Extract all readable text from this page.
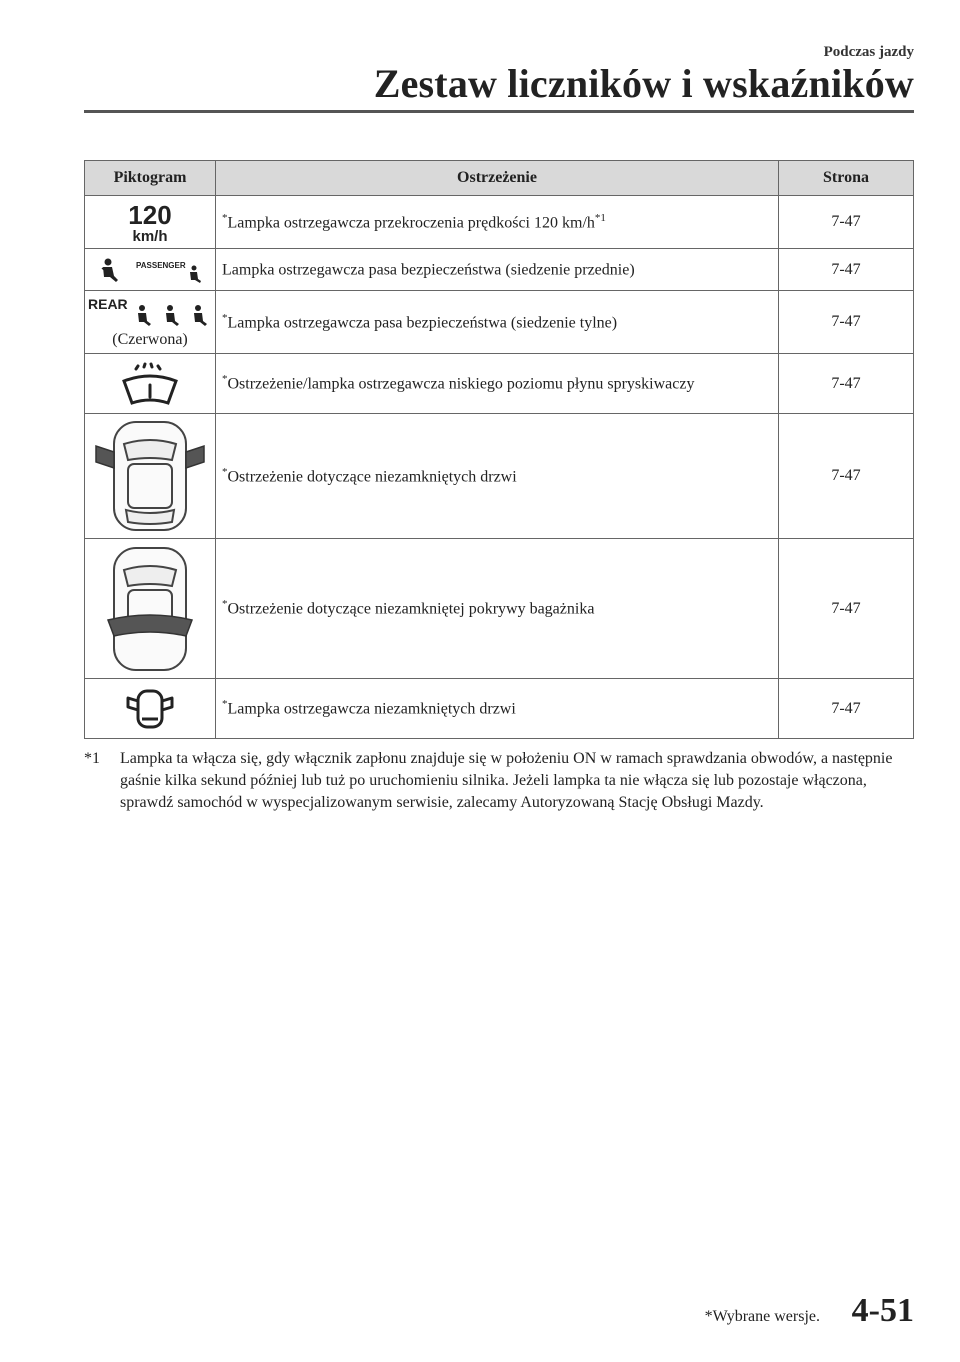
Podczas jazdy
Zestaw liczników i wskaźników
Piktogram	Ostrzeżenie	Strona

120
km/h	*Lampka ostrzegawcza przekroczenia prędkości 120 $km/h^{*1}$	7-47

PASSENGER	Lampka ostrzegawcza pasa bezpieczeństwa (siedzenie przednie)	7-47

REAR
(Czerwona)	*Lampka ostrzegawcza pasa bezpieczeństwa (siedzenie tylne)	7-47

	*Ostrzeżenie/lampka ostrzegawcza niskiego poziomu płynu spryskiwaczy	7-47

	*Ostrzeżenie dotyczące niezamkniętych drzwi	7-47

	*Ostrzeżenie dotyczące niezamkniętej pokrywy bagażnika	7-47

	*Lampka ostrzegawcza niezamkniętych drzwi	7-47
*1 Lampka ta włącza się, gdy włącznik zapłonu znajduje się w położeniu ON w ramach sprawdzania obwodów, a następnie gaśnie kilka sekund później lub tuż po uruchomieniu silnika. Jeżeli lampka ta nie włącza się lub pozostaje włączona, sprawdź samochód w wyspecjalizowanym serwisie, zalecamy Autoryzowaną Stację Obsługi Mazdy.
*Wybrane wersje. 4-51
